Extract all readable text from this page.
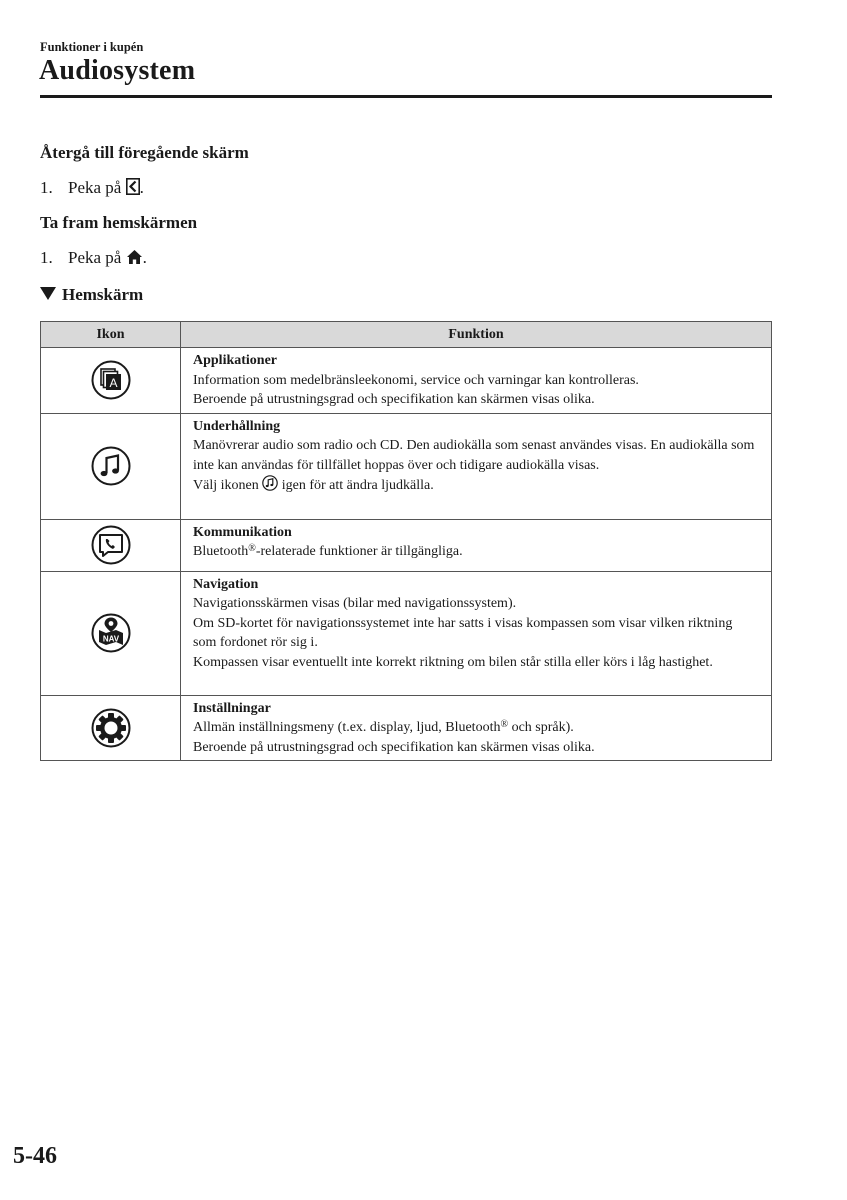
Funktioner i kupén
Audiosystem
Återgå till föregående skärm
1. Peka på .
Ta fram hemskärmen
1. Peka på .
Hemskärm
Ikon	Funktion

A	Applikationer
Information som medelbränsleekonomi, service och varningar kan kontrolleras.
Beroende på utrustningsgrad och specifikation kan skärmen visas olika.

Underhållning
Manövrerar audio som radio och CD. Den audiokälla som senast användes visas. En audiokälla som inte kan användas för tillfället hoppas över och tidigare audiokälla visas.
Välj ikonen igen för att ändra ljudkälla.

Kommunikation
Bluetooth®-relaterade funktioner är tillgängliga.

NAV	Navigation
Navigationsskärmen visas (bilar med navigationssystem).
Om SD-kortet för navigationssystemet inte har satts i visas kompassen som visar vilken riktning som fordonet rör sig i.
Kompassen visar eventuellt inte korrekt riktning om bilen står stilla eller körs i låg hastighet.

Inställningar
Allmän inställningsmeny (t.ex. display, ljud, Bluetooth® och språk).
Beroende på utrustningsgrad och specifikation kan skärmen visas olika.
5-46
